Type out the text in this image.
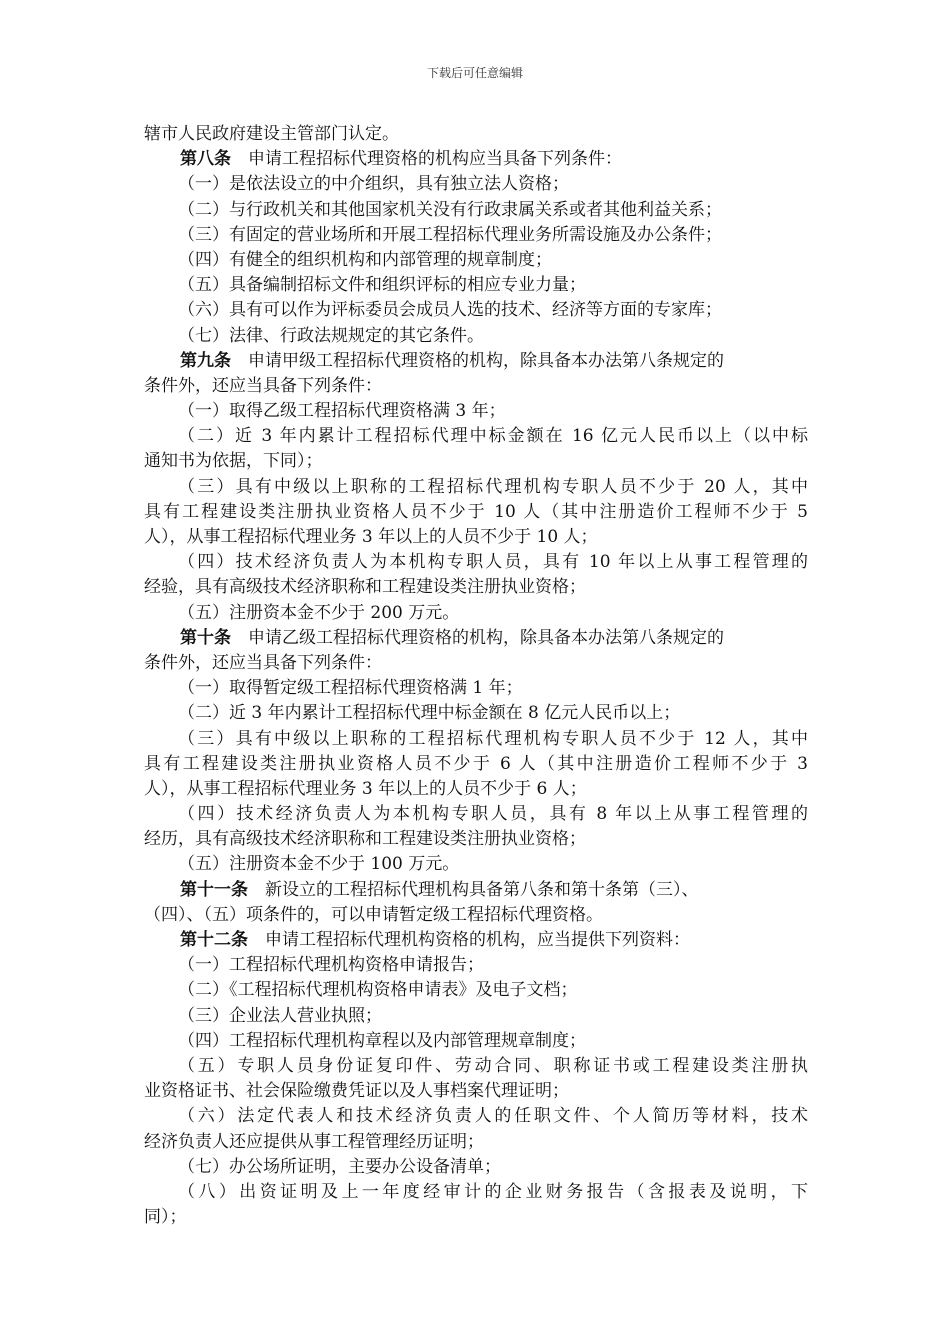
下载后可任意编辑
辖市人民政府建设主管部门认定。
第八条 申请工程招标代理资格的机构应当具备下列条件：
（一）是依法设立的中介组织，具有独立法人资格；
（二）与行政机关和其他国家机关没有行政隶属关系或者其他利益关系；
（三）有固定的营业场所和开展工程招标代理业务所需设施及办公条件；
（四）有健全的组织机构和内部管理的规章制度；
（五）具备编制招标文件和组织评标的相应专业力量；
（六）具有可以作为评标委员会成员人选的技术、经济等方面的专家库；
（七）法律、行政法规规定的其它条件。
第九条 申请甲级工程招标代理资格的机构，除具备本办法第八条规定的
条件外，还应当具备下列条件：
（一）取得乙级工程招标代理资格满 3 年；
（二）近 3 年内累计工程招标代理中标金额在 16 亿元人民币以上（以中标
通知书为依据，下同）；
（三）具有中级以上职称的工程招标代理机构专职人员不少于 20 人，其中
具有工程建设类注册执业资格人员不少于 10 人（其中注册造价工程师不少于 5
人），从事工程招标代理业务 3 年以上的人员不少于 10 人；
（四）技术经济负责人为本机构专职人员，具有 10 年以上从事工程管理的
经验，具有高级技术经济职称和工程建设类注册执业资格；
（五）注册资本金不少于 200 万元。
第十条 申请乙级工程招标代理资格的机构，除具备本办法第八条规定的
条件外，还应当具备下列条件：
（一）取得暂定级工程招标代理资格满 1 年；
（二）近 3 年内累计工程招标代理中标金额在 8 亿元人民币以上；
（三）具有中级以上职称的工程招标代理机构专职人员不少于 12 人，其中
具有工程建设类注册执业资格人员不少于 6 人（其中注册造价工程师不少于 3
人），从事工程招标代理业务 3 年以上的人员不少于 6 人；
（四）技术经济负责人为本机构专职人员，具有 8 年以上从事工程管理的
经历，具有高级技术经济职称和工程建设类注册执业资格；
（五）注册资本金不少于 100 万元。
第十一条 新设立的工程招标代理机构具备第八条和第十条第（三）、
（四）、（五）项条件的，可以申请暂定级工程招标代理资格。
第十二条 申请工程招标代理机构资格的机构，应当提供下列资料：
（一）工程招标代理机构资格申请报告；
（二）《工程招标代理机构资格申请表》及电子文档；
（三）企业法人营业执照；
（四）工程招标代理机构章程以及内部管理规章制度；
（五）专职人员身份证复印件、劳动合同、职称证书或工程建设类注册执
业资格证书、社会保险缴费凭证以及人事档案代理证明；
（六）法定代表人和技术经济负责人的任职文件、个人简历等材料，技术
经济负责人还应提供从事工程管理经历证明；
（七）办公场所证明，主要办公设备清单；
（八）出资证明及上一年度经审计的企业财务报告（含报表及说明，下
同）；
